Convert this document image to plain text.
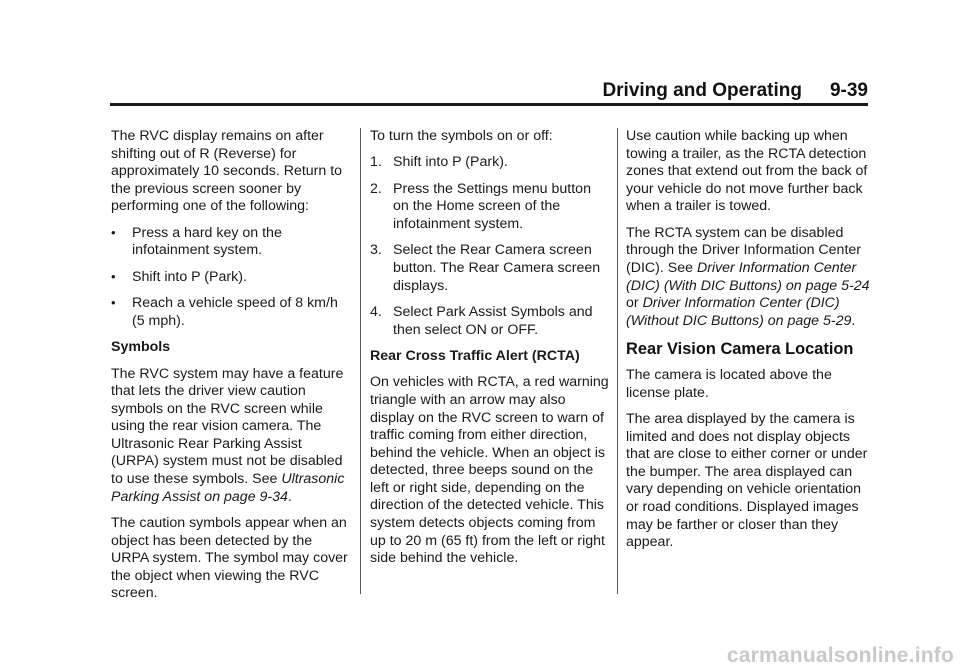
Driving and Operating 9-39

The RVC display remains on after shifting out of R (Reverse) for approximately 10 seconds. Return to the previous screen sooner by performing one of the following:

• Press a hard key on the infotainment system.
• Shift into P (Park).
• Reach a vehicle speed of 8 km/h (5 mph).
Symbols

The RVC system may have a feature that lets the driver view caution symbols on the RVC screen while using the rear vision camera. The Ultrasonic Rear Parking Assist (URPA) system must not be disabled to use these symbols. See Ultrasonic Parking Assist on page 9-34.

The caution symbols appear when an object has been detected by the URPA system. The symbol may cover the object when viewing the RVC screen.

To turn the symbols on or off:

1. Shift into P (Park).
2. Press the Settings menu button on the Home screen of the infotainment system.
3. Select the Rear Camera screen button. The Rear Camera screen displays.
4. Select Park Assist Symbols and then select ON or OFF.
Rear Cross Traffic Alert (RCTA)

On vehicles with RCTA, a red warning triangle with an arrow may also display on the RVC screen to warn of traffic coming from either direction, behind the vehicle. When an object is detected, three beeps sound on the left or right side, depending on the direction of the detected vehicle. This system detects objects coming from up to 20 m (65 ft) from the left or right side behind the vehicle.

Use caution while backing up when towing a trailer, as the RCTA detection zones that extend out from the back of your vehicle do not move further back when a trailer is towed.

The RCTA system can be disabled through the Driver Information Center (DIC). See Driver Information Center (DIC) (With DIC Buttons) on page 5-24 or Driver Information Center (DIC) (Without DIC Buttons) on page 5-29.

Rear Vision Camera Location

The camera is located above the license plate.

The area displayed by the camera is limited and does not display objects that are close to either corner or under the bumper. The area displayed can vary depending on vehicle orientation or road conditions. Displayed images may be farther or closer than they appear.

carmanualsonline.info
